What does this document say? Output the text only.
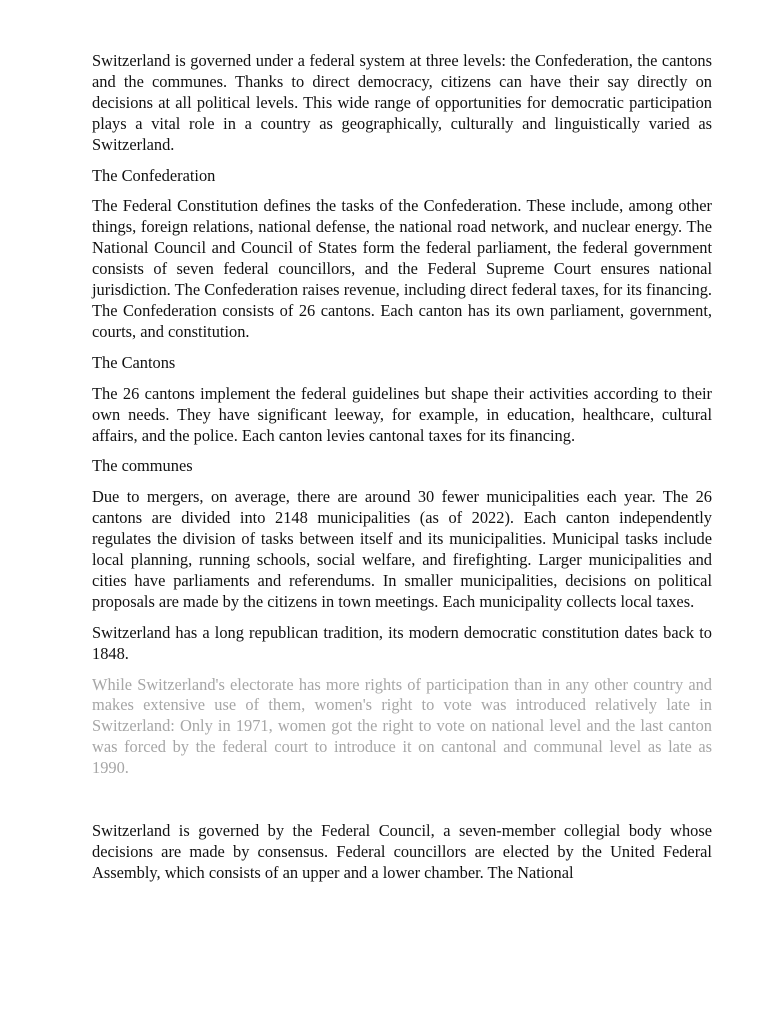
Switzerland is governed under a federal system at three levels: the Confederation, the cantons and the communes. Thanks to direct democracy, citizens can have their say directly on decisions at all political levels. This wide range of opportunities for democratic participation plays a vital role in a country as geographically, culturally and linguistically varied as Switzerland.

The Confederation

The Federal Constitution defines the tasks of the Confederation. These include, among other things, foreign relations, national defense, the national road network, and nuclear energy. The National Council and Council of States form the federal parliament, the federal government consists of seven federal councillors, and the Federal Supreme Court ensures national jurisdiction. The Confederation raises revenue, including direct federal taxes, for its financing. The Confederation consists of 26 cantons. Each canton has its own parliament, government, courts, and constitution.

The Cantons

The 26 cantons implement the federal guidelines but shape their activities according to their own needs. They have significant leeway, for example, in education, healthcare, cultural affairs, and the police. Each canton levies cantonal taxes for its financing.

The communes

Due to mergers, on average, there are around 30 fewer municipalities each year. The 26 cantons are divided into 2148 municipalities (as of 2022). Each canton independently regulates the division of tasks between itself and its municipalities. Municipal tasks include local planning, running schools, social welfare, and firefighting. Larger municipalities and cities have parliaments and referendums. In smaller municipalities, decisions on political proposals are made by the citizens in town meetings. Each municipality collects local taxes.

Switzerland has a long republican tradition, its modern democratic constitution dates back to 1848.

While Switzerland's electorate has more rights of participation than in any other country and makes extensive use of them, women's right to vote was introduced relatively late in Switzerland: Only in 1971, women got the right to vote on national level and the last canton was forced by the federal court to introduce it on cantonal and communal level as late as 1990.

Switzerland is governed by the Federal Council, a seven-member collegial body whose decisions are made by consensus. Federal councillors are elected by the United Federal Assembly, which consists of an upper and a lower chamber. The National
